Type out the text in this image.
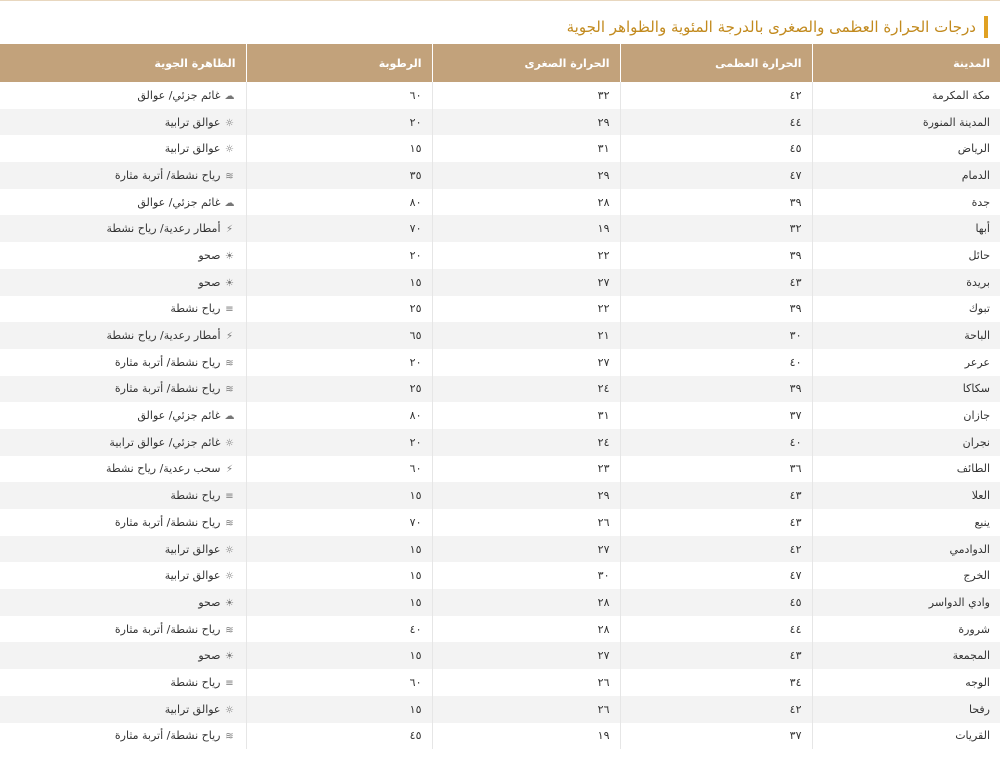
درجات الحرارة العظمى والصغرى بالدرجة المئوية والظواهر الجوية
المدينة	الحرارة العظمى	الحرارة الصغرى	الرطوبة	الظاهرة الجوية
مكة المكرمة	٤٢	٣٢	٦٠	☁غائم جزئي/ عوالق
المدينة المنورة	٤٤	٢٩	٢٠	☼عوالق ترابية
الرياض	٤٥	٣١	١٥	☼عوالق ترابية
الدمام	٤٧	٢٩	٣٥	≋رياح نشطة/ أتربة مثارة
جدة	٣٩	٢٨	٨٠	☁غائم جزئي/ عوالق
أبها	٣٢	١٩	٧٠	⚡أمطار رعدية/ رياح نشطة
حائل	٣٩	٢٢	٢٠	☀صحو
بريدة	٤٣	٢٧	١٥	☀صحو
تبوك	٣٩	٢٢	٢٥	≡رياح نشطة
الباحة	٣٠	٢١	٦٥	⚡أمطار رعدية/ رياح نشطة
عرعر	٤٠	٢٧	٢٠	≋رياح نشطة/ أتربة مثارة
سكاكا	٣٩	٢٤	٢٥	≋رياح نشطة/ أتربة مثارة
جازان	٣٧	٣١	٨٠	☁غائم جزئي/ عوالق
نجران	٤٠	٢٤	٢٠	☼غائم جزئي/ عوالق ترابية
الطائف	٣٦	٢٣	٦٠	⚡سحب رعدية/ رياح نشطة
العلا	٤٣	٢٩	١٥	≡رياح نشطة
ينبع	٤٣	٢٦	٧٠	≋رياح نشطة/ أتربة مثارة
الدوادمي	٤٢	٢٧	١٥	☼عوالق ترابية
الخرج	٤٧	٣٠	١٥	☼عوالق ترابية
وادي الدواسر	٤٥	٢٨	١٥	☀صحو
شرورة	٤٤	٢٨	٤٠	≋رياح نشطة/ أتربة مثارة
المجمعة	٤٣	٢٧	١٥	☀صحو
الوجه	٣٤	٢٦	٦٠	≡رياح نشطة
رفحا	٤٢	٢٦	١٥	☼عوالق ترابية
القريات	٣٧	١٩	٤٥	≋رياح نشطة/ أتربة مثارة
